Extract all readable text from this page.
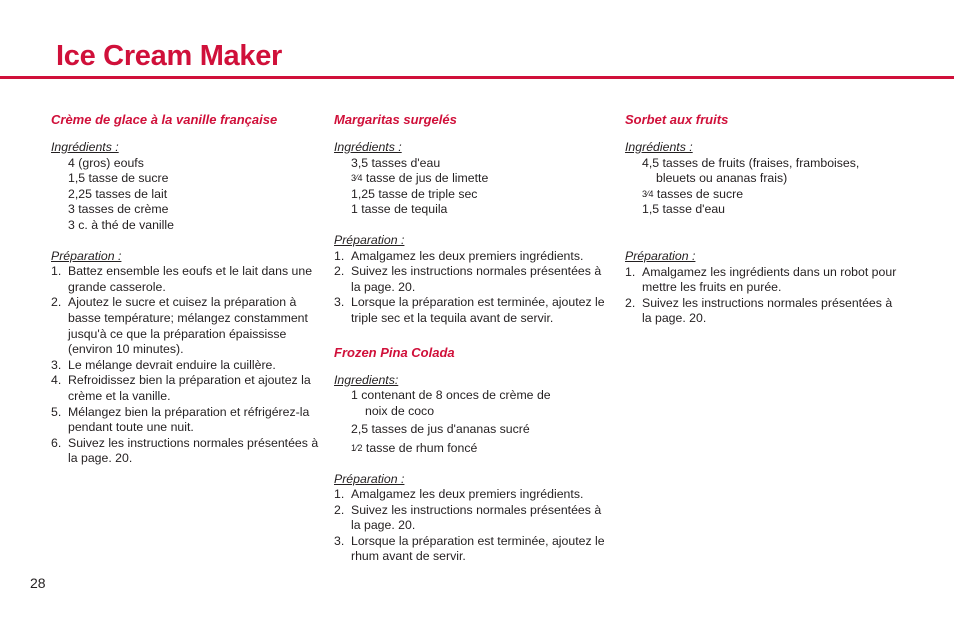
Ice Cream Maker

Crème de glace à la vanille française

Ingrédients :

4 (gros) eoufs
1,5 tasse de sucre
2,25 tasses de lait
3 tasses de crème
3 c. à thé de vanille

Préparation :

1. Battez ensemble les eoufs et le lait dans une grande casserole.
2. Ajoutez le sucre et cuisez la préparation à basse température; mélangez constamment jusqu'à ce que la préparation épaississe (environ 10 minutes).
3. Le mélange devrait enduire la cuillère.
4. Refroidissez bien la préparation et ajoutez la crème et la vanille.
5. Mélangez bien la préparation et réfrigérez-la pendant toute une nuit.
6. Suivez les instructions normales présentées à la page. 20.

Margaritas surgelés

Ingrédients :

3,5 tasses d'eau
3⁄4 tasse de jus de limette
1,25 tasse de triple sec
1 tasse de tequila

Préparation :

1. Amalgamez les deux premiers ingrédients.
2. Suivez les instructions normales présentées à la page. 20.
3. Lorsque la préparation est terminée, ajoutez le triple sec et la tequila avant de servir.

Frozen Pina Colada

Ingredients:

1 contenant de 8 onces de crème de
noix de coco
2,5 tasses de jus d'ananas sucré
1⁄2 tasse de rhum foncé

Préparation :

1. Amalgamez les deux premiers ingrédients.
2. Suivez les instructions normales présentées à la page. 20.
3. Lorsque la préparation est terminée, ajoutez le rhum avant de servir.

Sorbet aux fruits

Ingrédients :

4,5 tasses de fruits (fraises, framboises,
bleuets ou ananas frais)
3⁄4 tasses de sucre
1,5 tasse d'eau

Préparation :

1. Amalgamez les ingrédients dans un robot pour mettre les fruits en purée.
2. Suivez les instructions normales présentées à la page. 20.
28
